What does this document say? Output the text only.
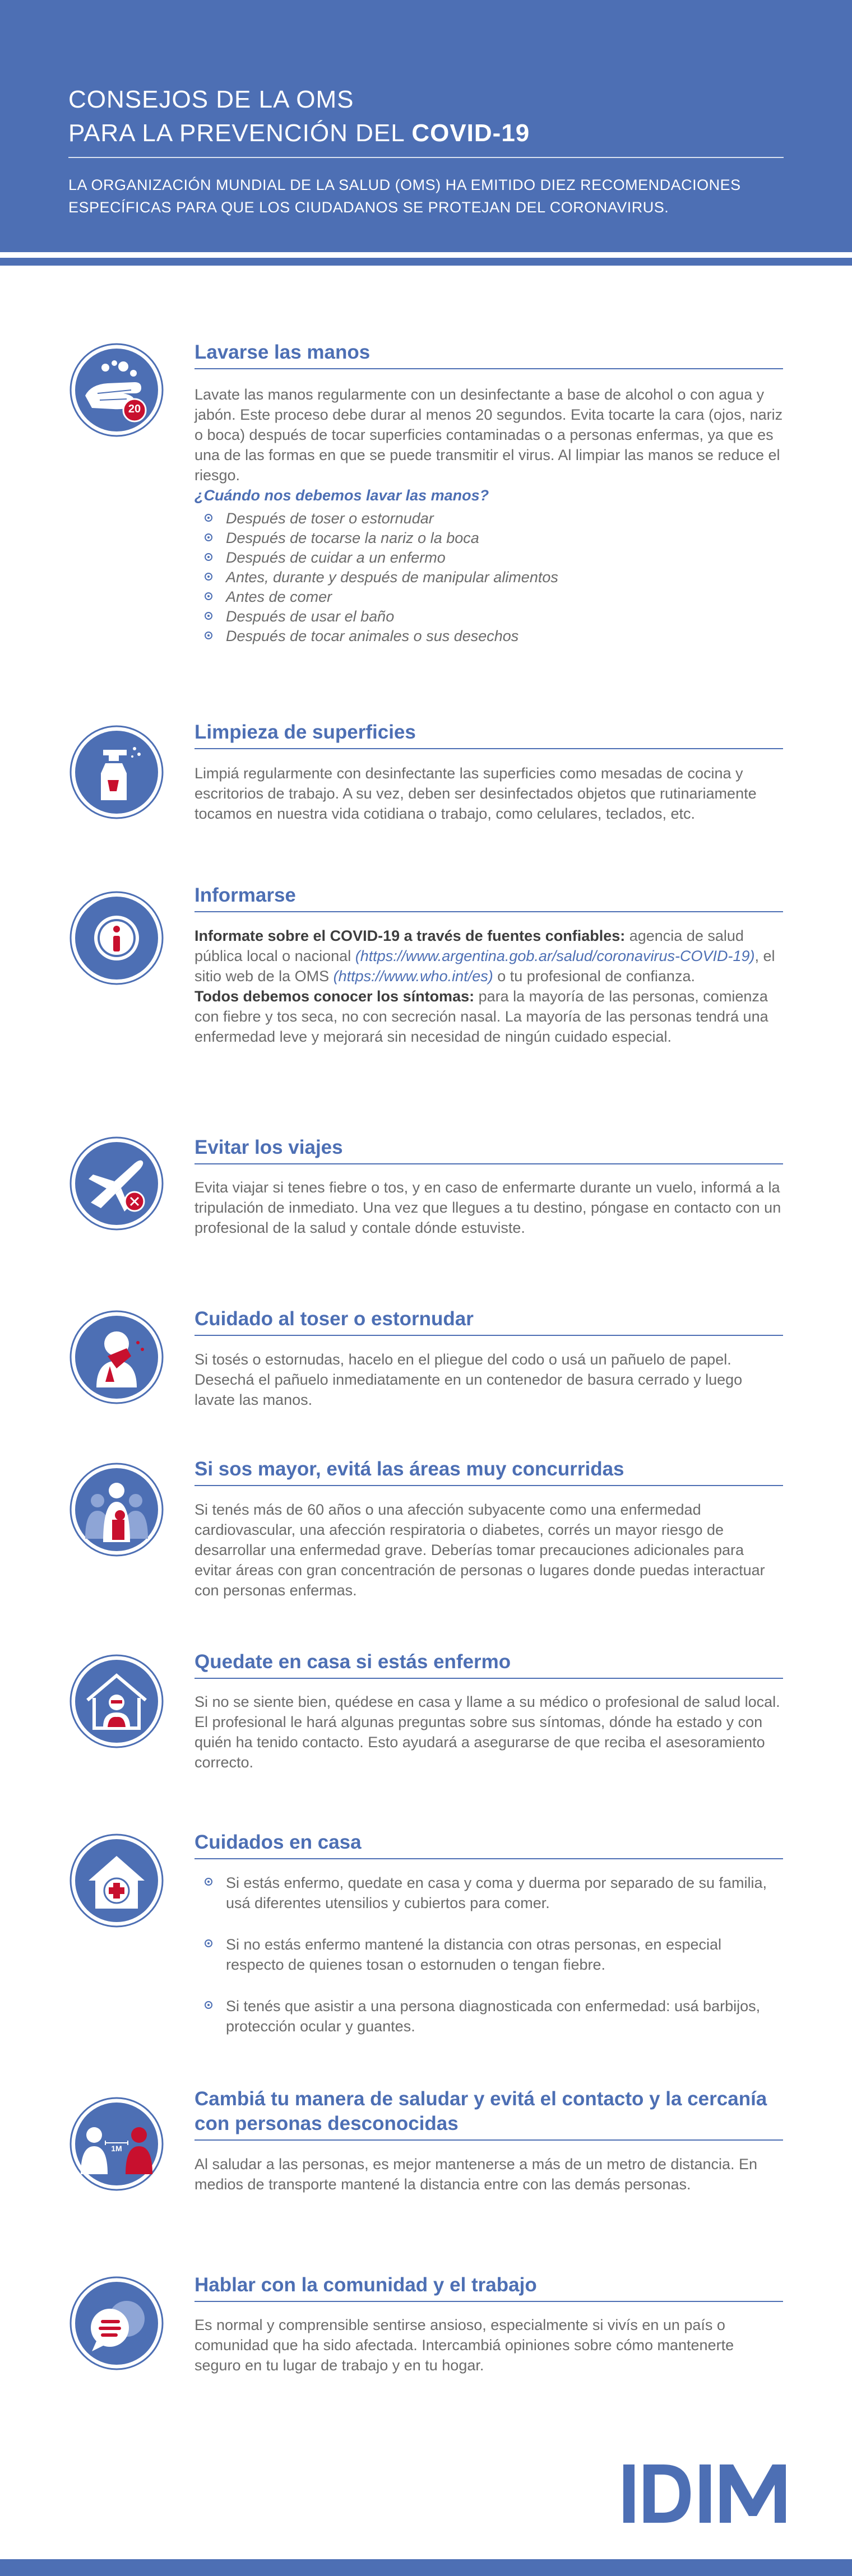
CONSEJOS DE LA OMS
PARA LA PREVENCIÓN DEL COVID-19
LA ORGANIZACIÓN MUNDIAL DE LA SALUD (OMS) HA EMITIDO DIEZ RECOMENDACIONES ESPECÍFICAS PARA QUE LOS CIUDADANOS SE PROTEJAN DEL CORONAVIRUS.
20
Lavarse las manos

Lavate las manos regularmente con un desinfectante a base de alcohol o con agua y jabón. Este proceso debe durar al menos 20 segundos. Evita tocarte la cara (ojos, nariz o boca) después de tocar superficies contaminadas o a personas enfermas, ya que es una de las formas en que se puede transmitir el virus. Al limpiar las manos se reduce el riesgo.

¿Cuándo nos debemos lavar las manos?

Después de toser o estornudar
Después de tocarse la nariz o la boca
Después de cuidar a un enfermo
Antes, durante y después de manipular alimentos
Antes de comer
Después de usar el baño
Después de tocar animales o sus desechos
Limpieza de superficies
Limpiá regularmente con desinfectante las superficies como mesadas de cocina y escritorios de trabajo. A su vez, deben ser desinfectados objetos que rutinariamente tocamos en nuestra vida cotidiana o trabajo, como celulares, teclados, etc.
Informarse

Informate sobre el COVID-19 a través de fuentes confiables: agencia de salud pública local o nacional (https://www.argentina.gob.ar/salud/coronavirus-COVID-19), el sitio web de la OMS (https://www.who.int/es) o tu profesional de confianza.

Todos debemos conocer los síntomas: para la mayoría de las personas, comienza con fiebre y tos seca, no con secreción nasal. La mayoría de las personas tendrá una enfermedad leve y mejorará sin necesidad de ningún cuidado especial.

Evitar los viajes
Evita viajar si tenes fiebre o tos, y en caso de enfermarte durante un vuelo, informá a la tripulación de inmediato. Una vez que llegues a tu destino, póngase en contacto con un profesional de la salud y contale dónde estuviste.
Cuidado al toser o estornudar
Si tosés o estornudas, hacelo en el pliegue del codo o usá un pañuelo de papel. Desechá el pañuelo inmediatamente en un contenedor de basura cerrado y luego lavate las manos.
Si sos mayor, evitá las áreas muy concurridas
Si tenés más de 60 años o una afección subyacente como una enfermedad cardiovascular, una afección respiratoria o diabetes, corrés un mayor riesgo de desarrollar una enfermedad grave. Deberías tomar precauciones adicionales para evitar áreas con gran concentración de personas o lugares donde puedas interactuar con personas enfermas.
Quedate en casa si estás enfermo
Si no se siente bien, quédese en casa y llame a su médico o profesional de salud local. El profesional le hará algunas preguntas sobre sus síntomas, dónde ha estado y con quién ha tenido contacto. Esto ayudará a asegurarse de que reciba el asesoramiento correcto.
Cuidados en casa
Si estás enfermo, quedate en casa y coma y duerma por separado de su familia, usá diferentes utensilios y cubiertos para comer.
Si no estás enfermo mantené la distancia con otras personas, en especial respecto de quienes tosan o estornuden o tengan fiebre.
Si tenés que asistir a una persona diagnosticada con enfermedad: usá barbijos, protección ocular y guantes.
1M
Cambiá tu manera de saludar y evitá el contacto y la cercanía con personas desconocidas
Al saludar a las personas, es mejor mantenerse a más de un metro de distancia. En medios de transporte mantené la distancia entre con las demás personas.
Hablar con la comunidad y el trabajo
Es normal y comprensible sentirse ansioso, especialmente si vivís en un país o comunidad que ha sido afectada. Intercambiá opiniones sobre cómo mantenerte seguro en tu lugar de trabajo y en tu hogar.
